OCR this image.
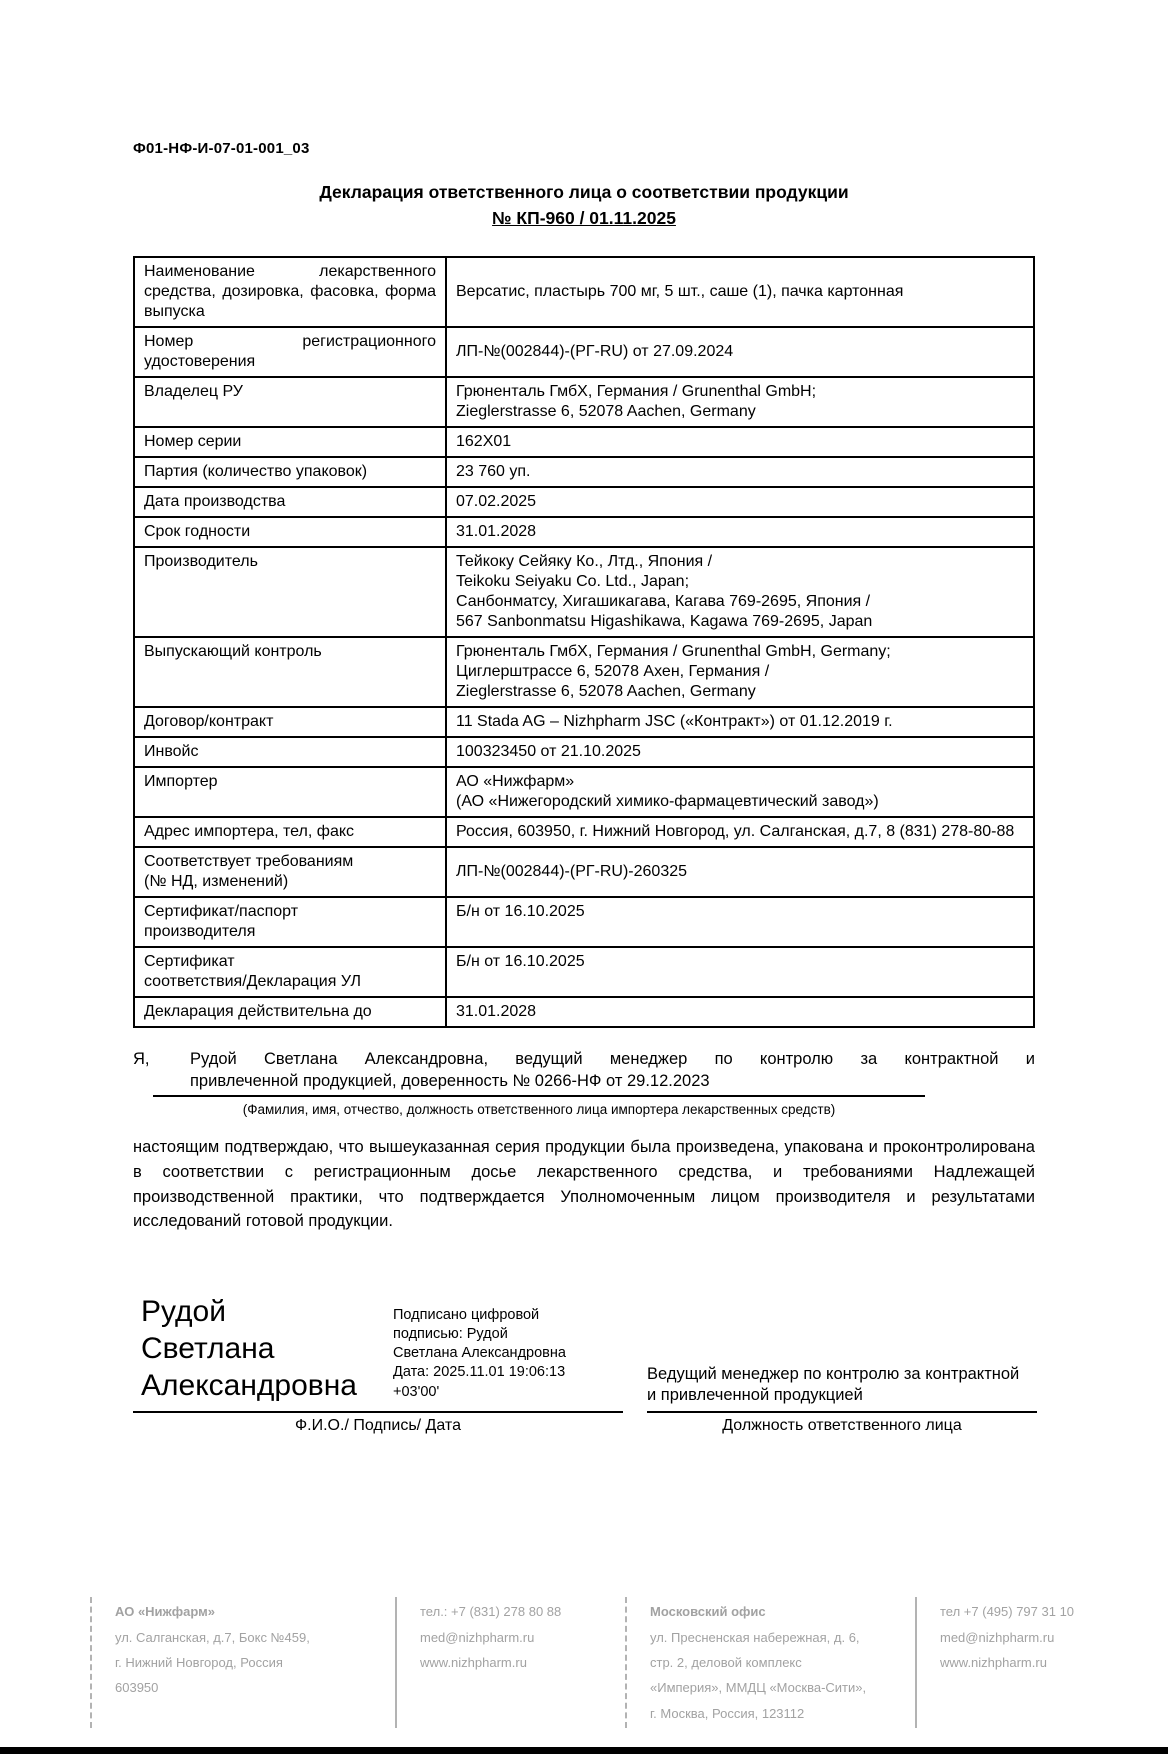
Ф01-НФ-И-07-01-001_03
Декларация ответственного лица о соответствии продукции
№ КП-960 / 01.11.2025
Наименование лекарственного средства, дозировка, фасовка, форма выпуска	Версатис, пластырь 700 мг, 5 шт., саше (1), пачка картонная

Номер регистрационного удостоверения	ЛП-№(002844)-(РГ-RU) от 27.09.2024

Владелец РУ	Грюненталь ГмбХ, Германия / Grunenthal GmbH;
Zieglerstrasse 6, 52078 Aachen, Germany

Номер серии	162X01

Партия (количество упаковок)	23 760 уп.

Дата производства	07.02.2025

Срок годности	31.01.2028

Производитель	Тейкоку Сейяку Ко., Лтд., Япония /
Teikoku Seiyaku Co. Ltd., Japan;
Санбонматсу, Хигашикагава, Кагава 769-2695, Япония /
567 Sanbonmatsu Higashikawa, Kagawa 769-2695, Japan

Выпускающий контроль	Грюненталь ГмбХ, Германия / Grunenthal GmbH, Germany;
Циглерштрассе 6, 52078 Ахен, Германия /
Zieglerstrasse 6, 52078 Aachen, Germany

Договор/контракт	11 Stada AG – Nizhpharm JSC («Контракт») от 01.12.2019 г.

Инвойс	100323450 от 21.10.2025

Импортер	АО «Нижфарм»
(АО «Нижегородский химико-фармацевтический завод»)

Адрес импортера, тел, факс	Россия, 603950, г. Нижний Новгород, ул. Салганская, д.7, 8 (831) 278-80-88

Соответствует требованиям
(№ НД, изменений)	ЛП-№(002844)-(РГ-RU)-260325

Сертификат/паспорт
производителя	Б/н от 16.10.2025

Сертификат
соответствия/Декларация УЛ	Б/н от 16.10.2025

Декларация действительна до	31.01.2028
Я,	Рудой Светлана Александровна, ведущий менеджер по контролю за контрактной и
привлеченной продукцией, доверенность № 0266-НФ от 29.12.2023
(Фамилия, имя, отчество, должность ответственного лица импортера лекарственных средств)

настоящим подтверждаю, что вышеуказанная серия продукции была произведена, упакована и проконтролирована в соответствии с регистрационным досье лекарственного средства, и требованиями Надлежащей производственной практики, что подтверждается Уполномоченным лицом производителя и результатами исследований готовой продукции.

Рудой
Светлана
Александровна
Подписано цифровой
подписью: Рудой
Светлана Александровна
Дата: 2025.11.01 19:06:13
+03'00'
Ф.И.О./ Подпись/ Дата
Ведущий менеджер по контролю за контрактной
и привлеченной продукцией
Должность ответственного лица
АО «Нижфарм»
ул. Салганская, д.7, Бокс №459,
г. Нижний Новгород, Россия
603950
тел.: +7 (831) 278 80 88
med@nizhpharm.ru
www.nizhpharm.ru
Московский офис
ул. Пресненская набережная, д. 6,
стр. 2, деловой комплекс
«Империя», ММДЦ «Москва-Сити»,
г. Москва, Россия, 123112
тел +7 (495) 797 31 10
med@nizhpharm.ru
www.nizhpharm.ru
